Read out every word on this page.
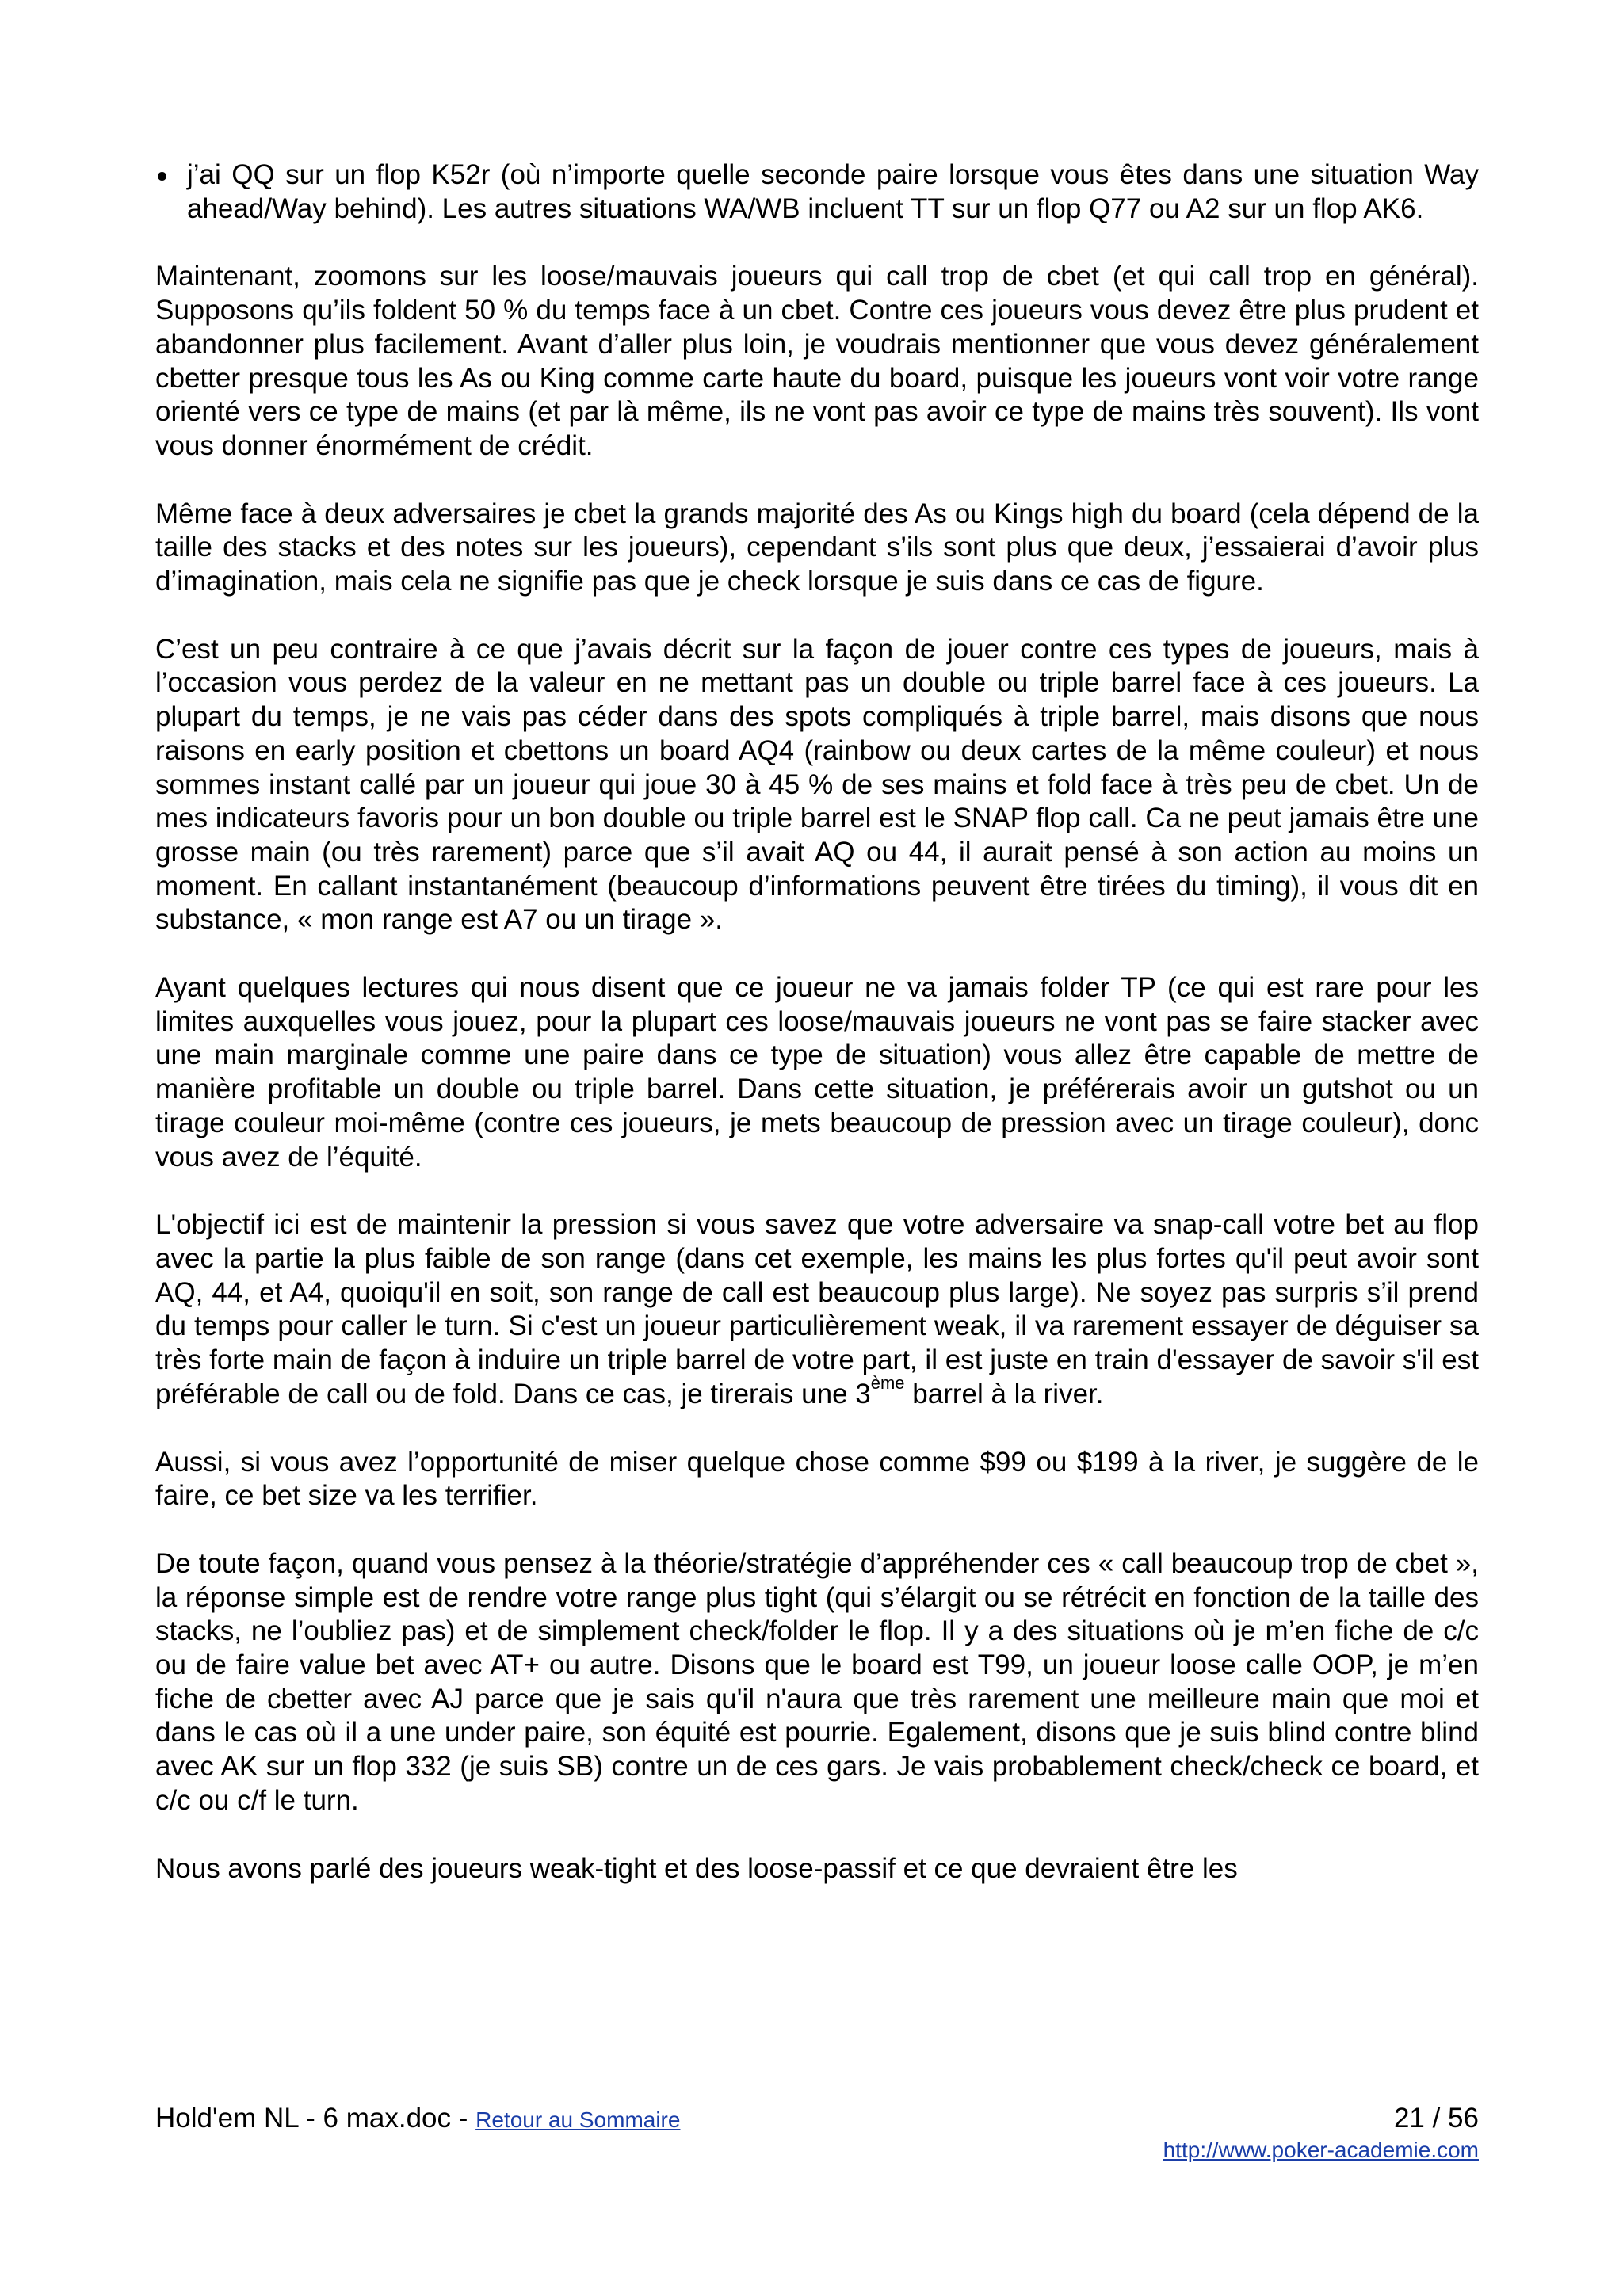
j’ai QQ sur un flop K52r (où n’importe quelle seconde paire lorsque vous êtes dans une situation Way ahead/Way behind). Les autres situations WA/WB incluent TT sur un flop Q77 ou A2 sur un flop AK6.

Maintenant, zoomons sur les loose/mauvais joueurs qui call trop de cbet (et qui call trop en général). Supposons qu’ils foldent 50 % du temps face à un cbet. Contre ces joueurs vous devez être plus prudent et abandonner plus facilement. Avant d’aller plus loin, je voudrais mentionner que vous devez généralement cbetter presque tous les As ou King comme carte haute du board, puisque les joueurs vont voir votre range orienté vers ce type de mains (et par là même, ils ne vont pas avoir ce type de mains très souvent). Ils vont vous donner énormément de crédit.

Même face à deux adversaires je cbet la grands majorité des As ou Kings high du board (cela dépend de la taille des stacks et des notes sur les joueurs), cependant s’ils sont plus que deux, j’essaierai d’avoir plus d’imagination, mais cela ne signifie pas que je check lorsque je suis dans ce cas de figure.

C’est un peu contraire à ce que j’avais décrit sur la façon de jouer contre ces types de joueurs, mais à l’occasion vous perdez de la valeur en ne mettant pas un double ou triple barrel face à ces joueurs. La plupart du temps, je ne vais pas céder dans des spots compliqués à triple barrel, mais disons que nous raisons en early position et cbettons un board AQ4 (rainbow ou deux cartes de la même couleur) et nous sommes instant callé par un joueur qui joue 30 à 45 % de ses mains et fold face à très peu de cbet. Un de mes indicateurs favoris pour un bon double ou triple barrel est le SNAP flop call. Ca ne peut jamais être une grosse main (ou très rarement) parce que s’il avait AQ ou 44, il aurait pensé à son action au moins un moment. En callant instantanément (beaucoup d’informations peuvent être tirées du timing), il vous dit en substance, « mon range est A7 ou un tirage ».

Ayant quelques lectures qui nous disent que ce joueur ne va jamais folder TP (ce qui est rare pour les limites auxquelles vous jouez, pour la plupart ces loose/mauvais joueurs ne vont pas se faire stacker avec une main marginale comme une paire dans ce type de situation) vous allez être capable de mettre de manière profitable un double ou triple barrel. Dans cette situation, je préférerais avoir un gutshot ou un tirage couleur moi-même (contre ces joueurs, je mets beaucoup de pression avec un tirage couleur), donc vous avez de l’équité.

L'objectif ici est de maintenir la pression si vous savez que votre adversaire va snap-call votre bet au flop avec la partie la plus faible de son range (dans cet exemple, les mains les plus fortes qu'il peut avoir sont AQ, 44, et A4, quoiqu'il en soit, son range de call est beaucoup plus large). Ne soyez pas surpris s’il prend du temps pour caller le turn. Si c'est un joueur particulièrement weak, il va rarement essayer de déguiser sa très forte main de façon à induire un triple barrel de votre part, il est juste en train d'essayer de savoir s'il est préférable de call ou de fold. Dans ce cas, je tirerais une 3ème barrel à la river.

Aussi, si vous avez l’opportunité de miser quelque chose comme $99 ou $199 à la river, je suggère de le faire, ce bet size va les terrifier.

De toute façon, quand vous pensez à la théorie/stratégie d’appréhender ces « call beaucoup trop de cbet », la réponse simple est de rendre votre range plus tight (qui s’élargit ou se rétrécit en fonction de la taille des stacks, ne l’oubliez pas) et de simplement check/folder le flop. Il y a des situations où je m’en fiche de c/c ou de faire value bet avec AT+ ou autre. Disons que le board est T99, un joueur loose calle OOP, je m’en fiche de cbetter avec AJ parce que je sais qu'il n'aura que très rarement une meilleure main que moi et dans le cas où il a une under paire, son équité est pourrie. Egalement, disons que je suis blind contre blind avec AK sur un flop 332 (je suis SB) contre un de ces gars. Je vais probablement check/check ce board, et c/c ou c/f le turn.

Nous avons parlé des joueurs weak-tight et des loose-passif et ce que devraient être les

Hold'em NL - 6 max.doc - Retour au Sommaire	21 / 56
http://www.poker-academie.com
